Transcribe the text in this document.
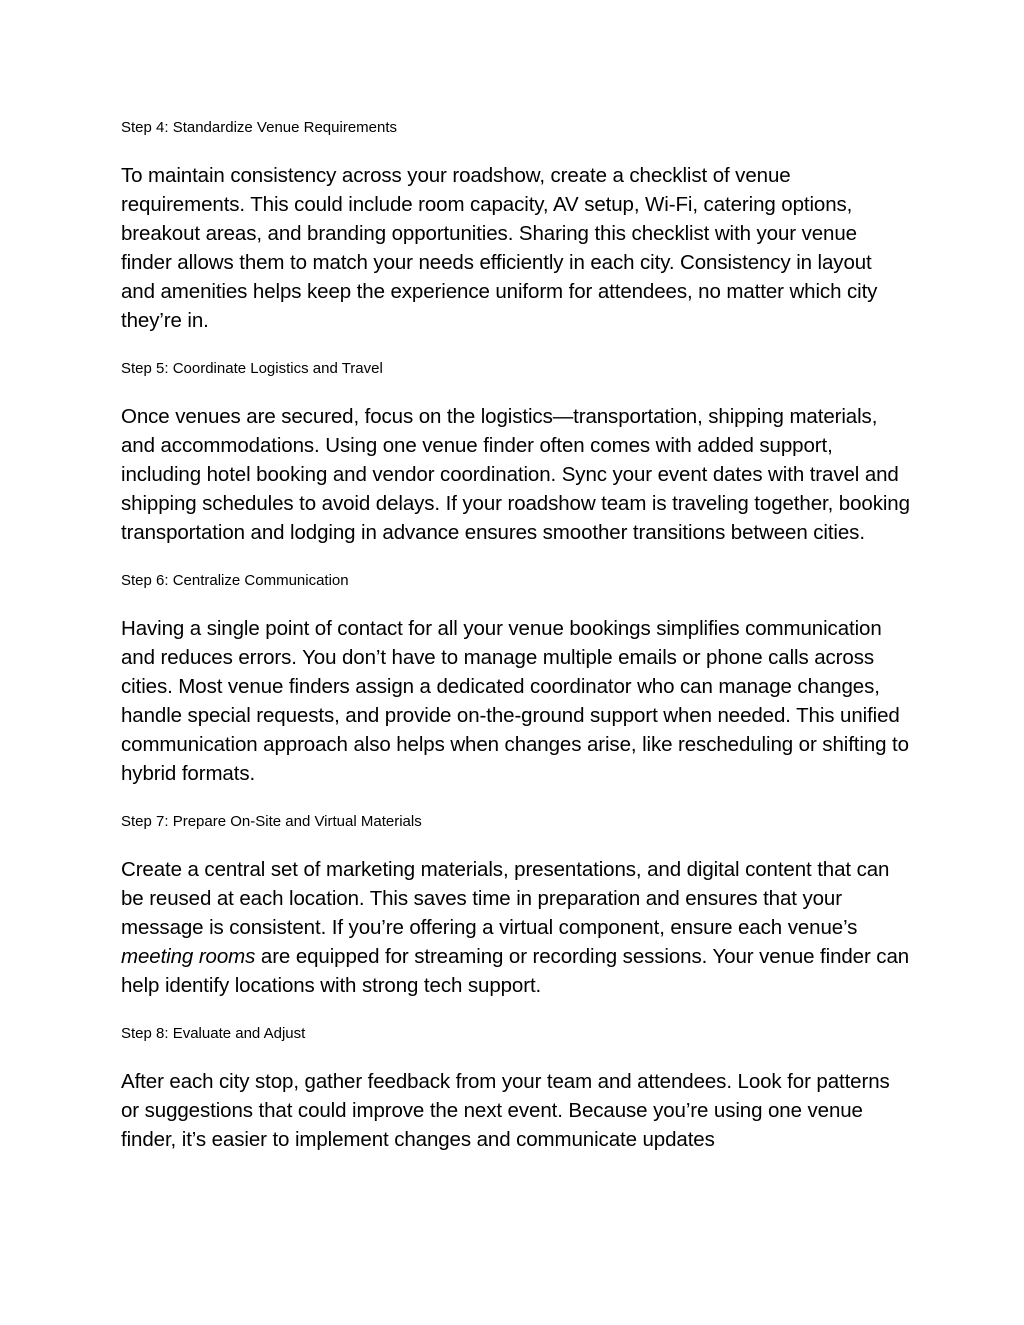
Step 4: Standardize Venue Requirements

To maintain consistency across your roadshow, create a checklist of venue requirements. This could include room capacity, AV setup, Wi-Fi, catering options, breakout areas, and branding opportunities. Sharing this checklist with your venue finder allows them to match your needs efficiently in each city. Consistency in layout and amenities helps keep the experience uniform for attendees, no matter which city they’re in.

Step 5: Coordinate Logistics and Travel

Once venues are secured, focus on the logistics—transportation, shipping materials, and accommodations. Using one venue finder often comes with added support, including hotel booking and vendor coordination. Sync your event dates with travel and shipping schedules to avoid delays. If your roadshow team is traveling together, booking transportation and lodging in advance ensures smoother transitions between cities.

Step 6: Centralize Communication

Having a single point of contact for all your venue bookings simplifies communication and reduces errors. You don’t have to manage multiple emails or phone calls across cities. Most venue finders assign a dedicated coordinator who can manage changes, handle special requests, and provide on-the-ground support when needed. This unified communication approach also helps when changes arise, like rescheduling or shifting to hybrid formats.

Step 7: Prepare On-Site and Virtual Materials

Create a central set of marketing materials, presentations, and digital content that can be reused at each location. This saves time in preparation and ensures that your message is consistent. If you’re offering a virtual component, ensure each venue’s meeting rooms are equipped for streaming or recording sessions. Your venue finder can help identify locations with strong tech support.

Step 8: Evaluate and Adjust

After each city stop, gather feedback from your team and attendees. Look for patterns or suggestions that could improve the next event. Because you’re using one venue finder, it’s easier to implement changes and communicate updates
